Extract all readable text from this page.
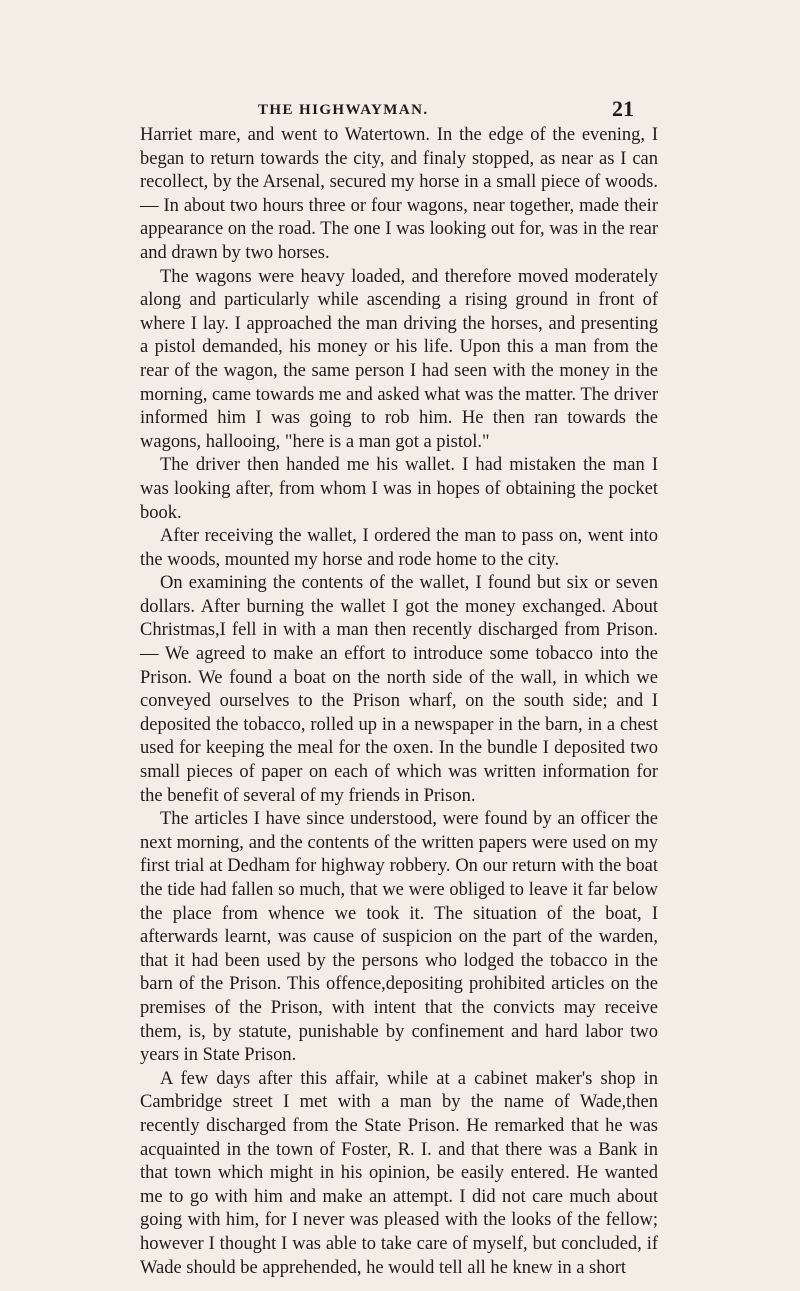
THE HIGHWAYMAN.	21

Harriet mare, and went to Watertown. In the edge of the evening, I began to return towards the city, and finaly stopped, as near as I can recollect, by the Arsenal, secured my horse in a small piece of woods.— In about two hours three or four wagons, near together, made their appearance on the road. The one I was looking out for, was in the rear and drawn by two horses.

The wagons were heavy loaded, and therefore moved moderately along and particularly while ascending a rising ground in front of where I lay. I approached the man driving the horses, and presenting a pistol demanded, his money or his life. Upon this a man from the rear of the wagon, the same person I had seen with the money in the morning, came towards me and asked what was the matter. The driver informed him I was going to rob him. He then ran towards the wagons, hallooing, "here is a man got a pistol."

The driver then handed me his wallet. I had mistaken the man I was looking after, from whom I was in hopes of obtaining the pocket book.

After receiving the wallet, I ordered the man to pass on, went into the woods, mounted my horse and rode home to the city.

On examining the contents of the wallet, I found but six or seven dollars. After burning the wallet I got the money exchanged. About Christmas,I fell in with a man then recently discharged from Prison.— We agreed to make an effort to introduce some tobacco into the Prison. We found a boat on the north side of the wall, in which we conveyed ourselves to the Prison wharf, on the south side; and I deposited the tobacco, rolled up in a newspaper in the barn, in a chest used for keeping the meal for the oxen. In the bundle I deposited two small pieces of paper on each of which was written information for the benefit of several of my friends in Prison.

The articles I have since understood, were found by an officer the next morning, and the contents of the written papers were used on my first trial at Dedham for highway robbery. On our return with the boat the tide had fallen so much, that we were obliged to leave it far below the place from whence we took it. The situation of the boat, I afterwards learnt, was cause of suspicion on the part of the warden, that it had been used by the persons who lodged the tobacco in the barn of the Prison. This offence,depositing prohibited articles on the premises of the Prison, with intent that the convicts may receive them, is, by statute, punishable by confinement and hard labor two years in State Prison.

A few days after this affair, while at a cabinet maker's shop in Cambridge street I met with a man by the name of Wade,then recently discharged from the State Prison. He remarked that he was acquainted in the town of Foster, R. I. and that there was a Bank in that town which might in his opinion, be easily entered. He wanted me to go with him and make an attempt. I did not care much about going with him, for I never was pleased with the looks of the fellow; however I thought I was able to take care of myself, but concluded, if Wade should be apprehended, he would tell all he knew in a short
